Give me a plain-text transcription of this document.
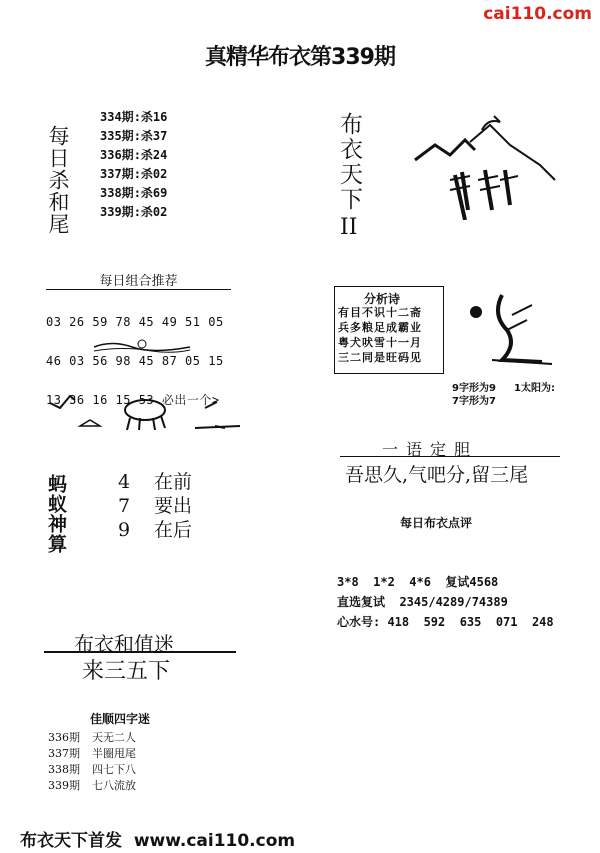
cai110.com
真精华布衣第339期
每日杀和尾
334期:杀16
335期:杀37
336期:杀24
337期:杀02
338期:杀69
339期:杀02	布衣天下
II
每日组合推荐

03 26 59 78 45 49 51 05

46 03 56 98 45 87 05 15

13 36 16 15 53 必出一个>

蚂蚁神算	4 在前
7 要出
9 在后
布衣和值迷
来三五下
佳顺四字迷
336期 天无二人
337期 半圈甩尾
338期 四七下八
339期 七八流放
分析诗
有目不识十二斋
兵多粮足成霸业
粤犬吠雪十一月
三二同是旺码见
9字形为9 1太阳为:
7字形为7
一语定胆
吾思久,气吧分,留三尾
每日布衣点评
3*8  1*2  4*6  复试4568
直选复试  2345/4289/74389
心水号: 418  592  635  071  248
布衣天下首发  www.cai110.com
